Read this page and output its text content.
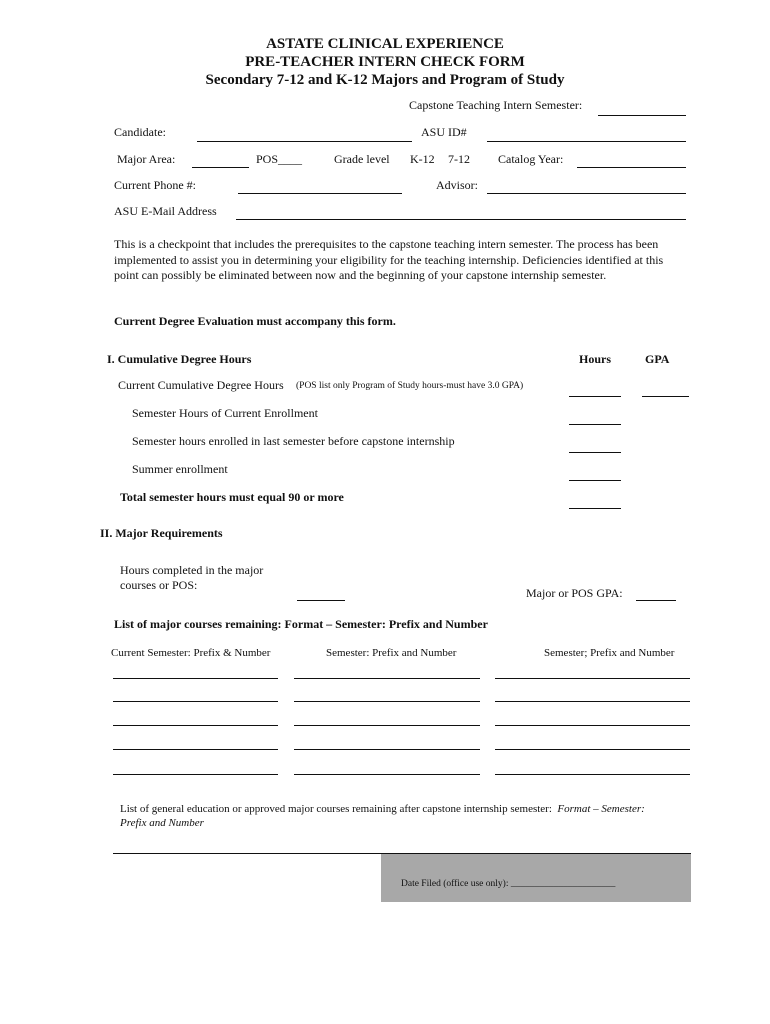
ASTATE CLINICAL EXPERIENCE
PRE-TEACHER INTERN CHECK FORM
Secondary 7-12 and K-12 Majors and Program of Study
Capstone Teaching Intern Semester:
Candidate:	ASU ID#
Major Area:	POS____	Grade level K-12 7-12 Catalog Year:
Current Phone #:	Advisor:
ASU E-Mail Address
This is a checkpoint that includes the prerequisites to the capstone teaching intern semester. The process has been implemented to assist you in determining your eligibility for the teaching internship. Deficiencies identified at this point can possibly be eliminated between now and the beginning of your capstone internship semester.
Current Degree Evaluation must accompany this form.
I. Cumulative Degree Hours	Hours	GPA
Current Cumulative Degree Hours (POS list only Program of Study hours-must have 3.0 GPA)
Semester Hours of Current Enrollment
Semester hours enrolled in last semester before capstone internship
Summer enrollment
Total semester hours must equal 90 or more
II. Major Requirements
Hours completed in the major
courses or POS:
Major or POS GPA:
List of major courses remaining: Format – Semester: Prefix and Number
Current Semester: Prefix & Number	Semester: Prefix and Number	Semester; Prefix and Number
List of general education or approved major courses remaining after capstone internship semester: Format – Semester:
Prefix and Number
Date Filed (office use only): ______________________
